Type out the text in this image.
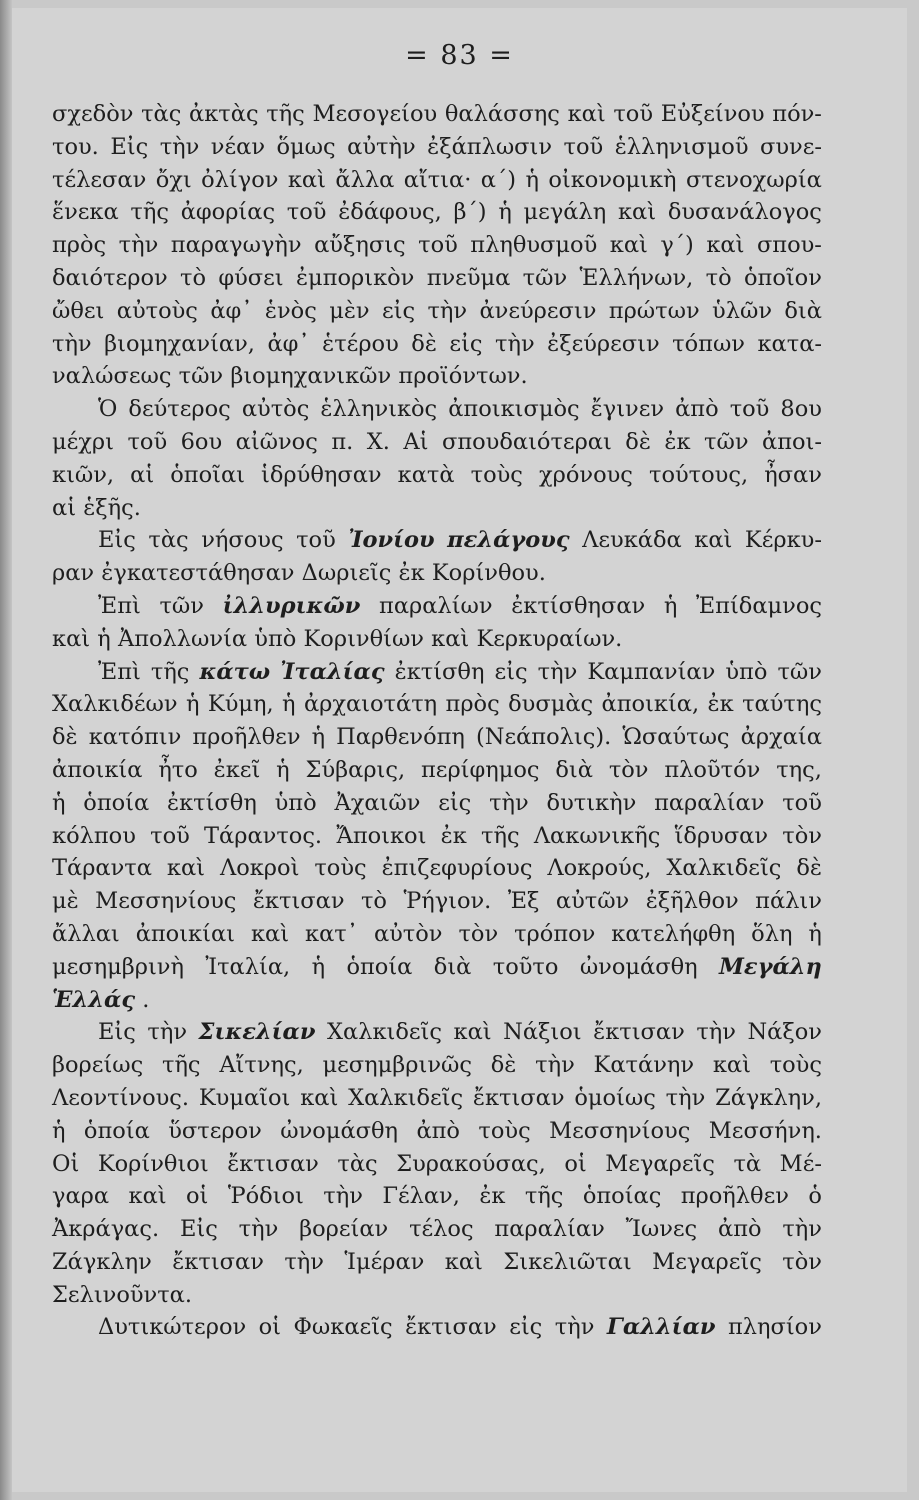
= 83 =
σχεδὸν τὰς ἀκτὰς τῆς Μεσογείου θαλάσσης καὶ τοῦ Εὐξείνου πόν-
του. Εἰς τὴν νέαν ὅμως αὐτὴν ἐξάπλωσιν τοῦ ἑλληνισμοῦ συνε-
τέλεσαν ὄχι ὀλίγον καὶ ἄλλα αἴτια· α΄) ἡ οἰκονομικὴ στενοχωρία
ἕνεκα τῆς ἀφορίας τοῦ ἐδάφους, β΄) ἡ μεγάλη καὶ δυσανάλογος
πρὸς τὴν παραγωγὴν αὔξησις τοῦ πληθυσμοῦ καὶ γ΄) καὶ σπου-
δαιότερον τὸ φύσει ἐμπορικὸν πνεῦμα τῶν Ἑλλήνων, τὸ ὁποῖον
ὤθει αὐτοὺς ἀφ᾽ ἑνὸς μὲν εἰς τὴν ἀνεύρεσιν πρώτων ὑλῶν διὰ
τὴν βιομηχανίαν, ἀφ᾽ ἑτέρου δὲ εἰς τὴν ἐξεύρεσιν τόπων κατα-
ναλώσεως τῶν βιομηχανικῶν προϊόντων.
Ὁ δεύτερος αὐτὸς ἑλληνικὸς ἀποικισμὸς ἔγινεν ἀπὸ τοῦ 8ου
μέχρι τοῦ 6ου αἰῶνος π. Χ. Αἱ σπουδαιότεραι δὲ ἐκ τῶν ἀποι-
κιῶν, αἱ ὁποῖαι ἱδρύθησαν κατὰ τοὺς χρόνους τούτους, ἦσαν
αἱ ἑξῆς.
Εἰς τὰς νήσους τοῦ Ἰονίου πελάγους Λευκάδα καὶ Κέρκυ-
ραν ἐγκατεστάθησαν Δωριεῖς ἐκ Κορίνθου.
Ἐπὶ τῶν ἰλλυρικῶν παραλίων ἐκτίσθησαν ἡ Ἐπίδαμνος
καὶ ἡ Ἀπολλωνία ὑπὸ Κορινθίων καὶ Κερκυραίων.
Ἐπὶ τῆς κάτω Ἰταλίας ἐκτίσθη εἰς τὴν Καμπανίαν ὑπὸ τῶν
Χαλκιδέων ἡ Κύμη, ἡ ἀρχαιοτάτη πρὸς δυσμὰς ἀποικία, ἐκ ταύτης
δὲ κατόπιν προῆλθεν ἡ Παρθενόπη (Νεάπολις). Ὡσαύτως ἀρχαία
ἀποικία ἦτο ἐκεῖ ἡ Σύβαρις, περίφημος διὰ τὸν πλοῦτόν της,
ἡ ὁποία ἐκτίσθη ὑπὸ Ἀχαιῶν εἰς τὴν δυτικὴν παραλίαν τοῦ
κόλπου τοῦ Τάραντος. Ἄποικοι ἐκ τῆς Λακωνικῆς ἵδρυσαν τὸν
Τάραντα καὶ Λοκροὶ τοὺς ἐπιζεφυρίους Λοκρούς, Χαλκιδεῖς δὲ
μὲ Μεσσηνίους ἔκτισαν τὸ Ῥήγιον. Ἐξ αὐτῶν ἐξῆλθον πάλιν
ἄλλαι ἀποικίαι καὶ κατ᾽ αὐτὸν τὸν τρόπον κατελήφθη ὅλη ἡ
μεσημβρινὴ Ἰταλία, ἡ ὁποία διὰ τοῦτο ὠνομάσθη Μεγάλη
Ἑλλάς .
Εἰς τὴν Σικελίαν Χαλκιδεῖς καὶ Νάξιοι ἔκτισαν τὴν Νάξον
βορείως τῆς Αἴτνης, μεσημβρινῶς δὲ τὴν Κατάνην καὶ τοὺς
Λεοντίνους. Κυμαῖοι καὶ Χαλκιδεῖς ἔκτισαν ὁμοίως τὴν Ζάγκλην,
ἡ ὁποία ὕστερον ὠνομάσθη ἀπὸ τοὺς Μεσσηνίους Μεσσήνη.
Οἱ Κορίνθιοι ἔκτισαν τὰς Συρακούσας, οἱ Μεγαρεῖς τὰ Μέ-
γαρα καὶ οἱ Ῥόδιοι τὴν Γέλαν, ἐκ τῆς ὁποίας προῆλθεν ὁ
Ἀκράγας. Εἰς τὴν βορείαν τέλος παραλίαν Ἴωνες ἀπὸ τὴν
Ζάγκλην ἔκτισαν τὴν Ἱμέραν καὶ Σικελιῶται Μεγαρεῖς τὸν
Σελινοῦντα.
Δυτικώτερον οἱ Φωκαεῖς ἔκτισαν εἰς τὴν Γαλλίαν πλησίον
